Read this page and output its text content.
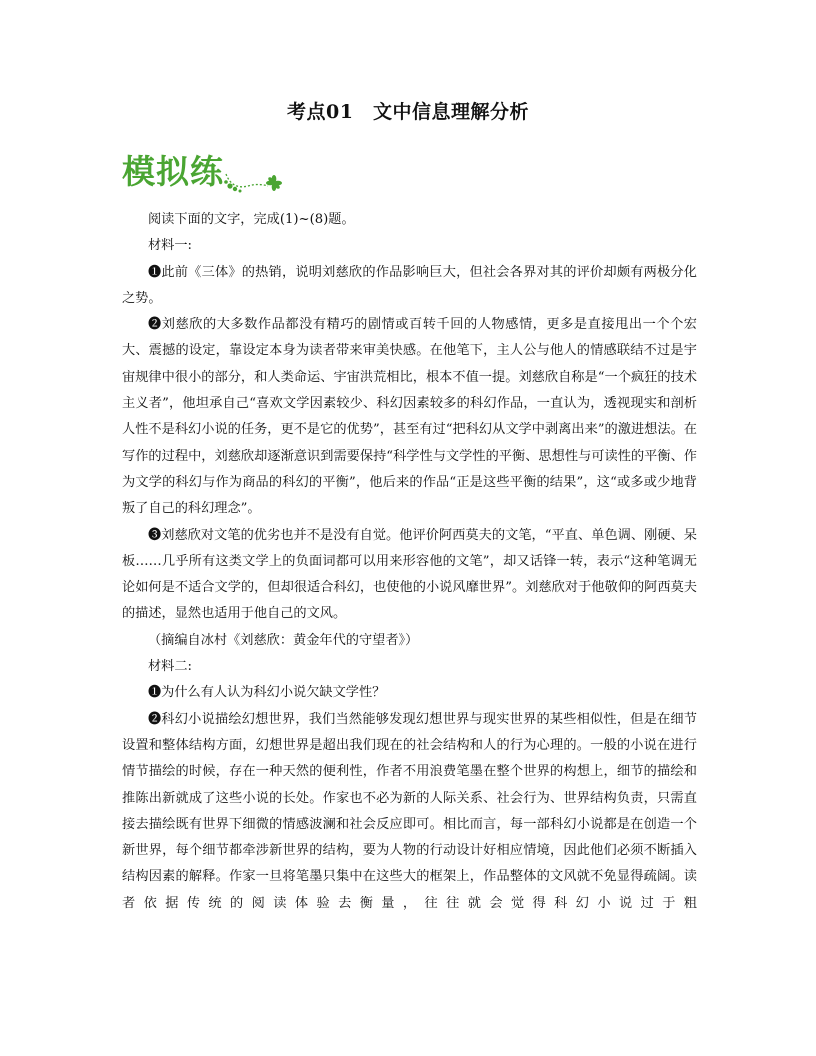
考点01　文中信息理解分析
模拟练

阅读下面的文字，完成(1)~(8)题。

材料一:

❶此前《三体》的热销，说明刘慈欣的作品影响巨大，但社会各界对其的评价却颇有两极分化之势。

❷刘慈欣的大多数作品都没有精巧的剧情或百转千回的人物感情，更多是直接甩出一个个宏大、震撼的设定，靠设定本身为读者带来审美快感。在他笔下，主人公与他人的情感联结不过是宇宙规律中很小的部分，和人类命运、宇宙洪荒相比，根本不值一提。刘慈欣自称是“一个疯狂的技术主义者”，他坦承自己“喜欢文学因素较少、科幻因素较多的科幻作品，一直认为，透视现实和剖析人性不是科幻小说的任务，更不是它的优势”，甚至有过“把科幻从文学中剥离出来”的激进想法。在写作的过程中，刘慈欣却逐渐意识到需要保持“科学性与文学性的平衡、思想性与可读性的平衡、作为文学的科幻与作为商品的科幻的平衡”，他后来的作品“正是这些平衡的结果”，这“或多或少地背叛了自己的科幻理念”。

❸刘慈欣对文笔的优劣也并不是没有自觉。他评价阿西莫夫的文笔，“平直、单色调、刚硬、呆板……几乎所有这类文学上的负面词都可以用来形容他的文笔”，却又话锋一转，表示“这种笔调无论如何是不适合文学的，但却很适合科幻，也使他的小说风靡世界”。刘慈欣对于他敬仰的阿西莫夫的描述，显然也适用于他自己的文风。

（摘编自冰村《刘慈欣：黄金年代的守望者》）

材料二:

❶为什么有人认为科幻小说欠缺文学性？

❷科幻小说描绘幻想世界，我们当然能够发现幻想世界与现实世界的某些相似性，但是在细节设置和整体结构方面，幻想世界是超出我们现在的社会结构和人的行为心理的。一般的小说在进行情节描绘的时候，存在一种天然的便利性，作者不用浪费笔墨在整个世界的构想上，细节的描绘和推陈出新就成了这些小说的长处。作家也不必为新的人际关系、社会行为、世界结构负责，只需直接去描绘既有世界下细微的情感波澜和社会反应即可。相比而言，每一部科幻小说都是在创造一个新世界，每个细节都牵涉新世界的结构，要为人物的行动设计好相应情境，因此他们必须不断插入结构因素的解释。作家一旦将笔墨只集中在这些大的框架上，作品整体的文风就不免显得疏阔。读者依据传统的阅读体验去衡量，往往就会觉得科幻小说过于粗
